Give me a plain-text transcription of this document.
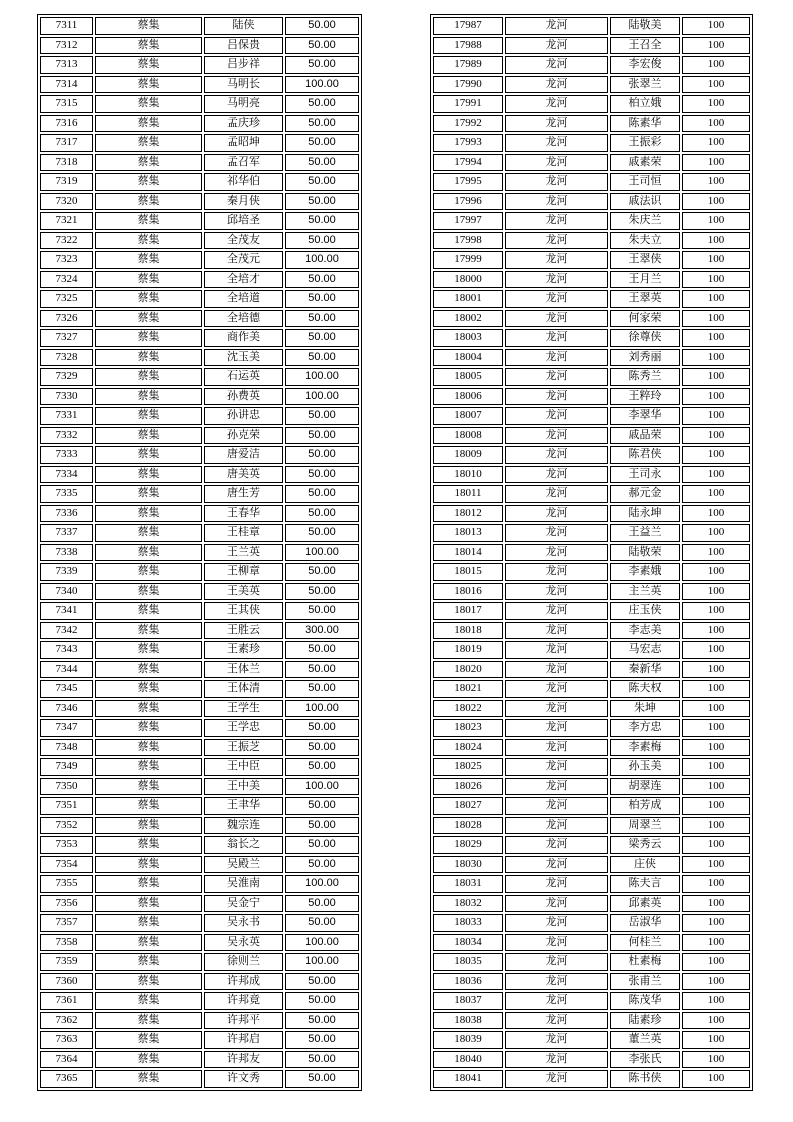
7311	蔡集	陆侠	50.00
7312	蔡集	吕保贵	50.00
7313	蔡集	吕步祥	50.00
7314	蔡集	马明长	100.00
7315	蔡集	马明亮	50.00
7316	蔡集	孟庆珍	50.00
7317	蔡集	孟昭坤	50.00
7318	蔡集	孟召军	50.00
7319	蔡集	祁华伯	50.00
7320	蔡集	秦月侠	50.00
7321	蔡集	邱培圣	50.00
7322	蔡集	全茂友	50.00
7323	蔡集	全茂元	100.00
7324	蔡集	全培才	50.00
7325	蔡集	全培道	50.00
7326	蔡集	全培德	50.00
7327	蔡集	商作美	50.00
7328	蔡集	沈玉美	50.00
7329	蔡集	石运英	100.00
7330	蔡集	孙费英	100.00
7331	蔡集	孙讲忠	50.00
7332	蔡集	孙克荣	50.00
7333	蔡集	唐爱洁	50.00
7334	蔡集	唐美英	50.00
7335	蔡集	唐生芳	50.00
7336	蔡集	王春华	50.00
7337	蔡集	王桂章	50.00
7338	蔡集	王兰英	100.00
7339	蔡集	王柳章	50.00
7340	蔡集	王美英	50.00
7341	蔡集	王其侠	50.00
7342	蔡集	王胜云	300.00
7343	蔡集	王素珍	50.00
7344	蔡集	王体兰	50.00
7345	蔡集	王体清	50.00
7346	蔡集	王学生	100.00
7347	蔡集	王学忠	50.00
7348	蔡集	王振芝	50.00
7349	蔡集	王中臣	50.00
7350	蔡集	王中美	100.00
7351	蔡集	王聿华	50.00
7352	蔡集	魏宗连	50.00
7353	蔡集	翁长之	50.00
7354	蔡集	吴殿兰	50.00
7355	蔡集	吴淮南	100.00
7356	蔡集	吴金宁	50.00
7357	蔡集	吴永书	50.00
7358	蔡集	吴永英	100.00
7359	蔡集	徐则兰	100.00
7360	蔡集	许邦成	50.00
7361	蔡集	许邦竟	50.00
7362	蔡集	许邦平	50.00
7363	蔡集	许邦启	50.00
7364	蔡集	许邦友	50.00
7365	蔡集	许文秀	50.00
17987	龙河	陆敬美	100
17988	龙河	王召全	100
17989	龙河	李宏俊	100
17990	龙河	张翠兰	100
17991	龙河	柏立娥	100
17992	龙河	陈素华	100
17993	龙河	王振彩	100
17994	龙河	戚素荣	100
17995	龙河	王司恒	100
17996	龙河	戚法识	100
17997	龙河	朱庆兰	100
17998	龙河	朱夫立	100
17999	龙河	王翠侠	100
18000	龙河	王月兰	100
18001	龙河	王翠英	100
18002	龙河	何家荣	100
18003	龙河	徐尊侠	100
18004	龙河	刘秀丽	100
18005	龙河	陈秀兰	100
18006	龙河	王粹玲	100
18007	龙河	李翠华	100
18008	龙河	戚品荣	100
18009	龙河	陈君侠	100
18010	龙河	王司永	100
18011	龙河	郝元金	100
18012	龙河	陆永坤	100
18013	龙河	王益兰	100
18014	龙河	陆敬荣	100
18015	龙河	李素娥	100
18016	龙河	主兰英	100
18017	龙河	庄玉侠	100
18018	龙河	李志美	100
18019	龙河	马宏志	100
18020	龙河	秦新华	100
18021	龙河	陈夫权	100
18022	龙河	朱坤	100
18023	龙河	李方忠	100
18024	龙河	李素梅	100
18025	龙河	孙玉美	100
18026	龙河	胡翠连	100
18027	龙河	柏芳成	100
18028	龙河	周翠兰	100
18029	龙河	梁秀云	100
18030	龙河	庄侠	100
18031	龙河	陈夫言	100
18032	龙河	邱素英	100
18033	龙河	岳淑华	100
18034	龙河	何桂兰	100
18035	龙河	杜素梅	100
18036	龙河	张甫兰	100
18037	龙河	陈茂华	100
18038	龙河	陆素珍	100
18039	龙河	董兰英	100
18040	龙河	李张氏	100
18041	龙河	陈书侠	100
